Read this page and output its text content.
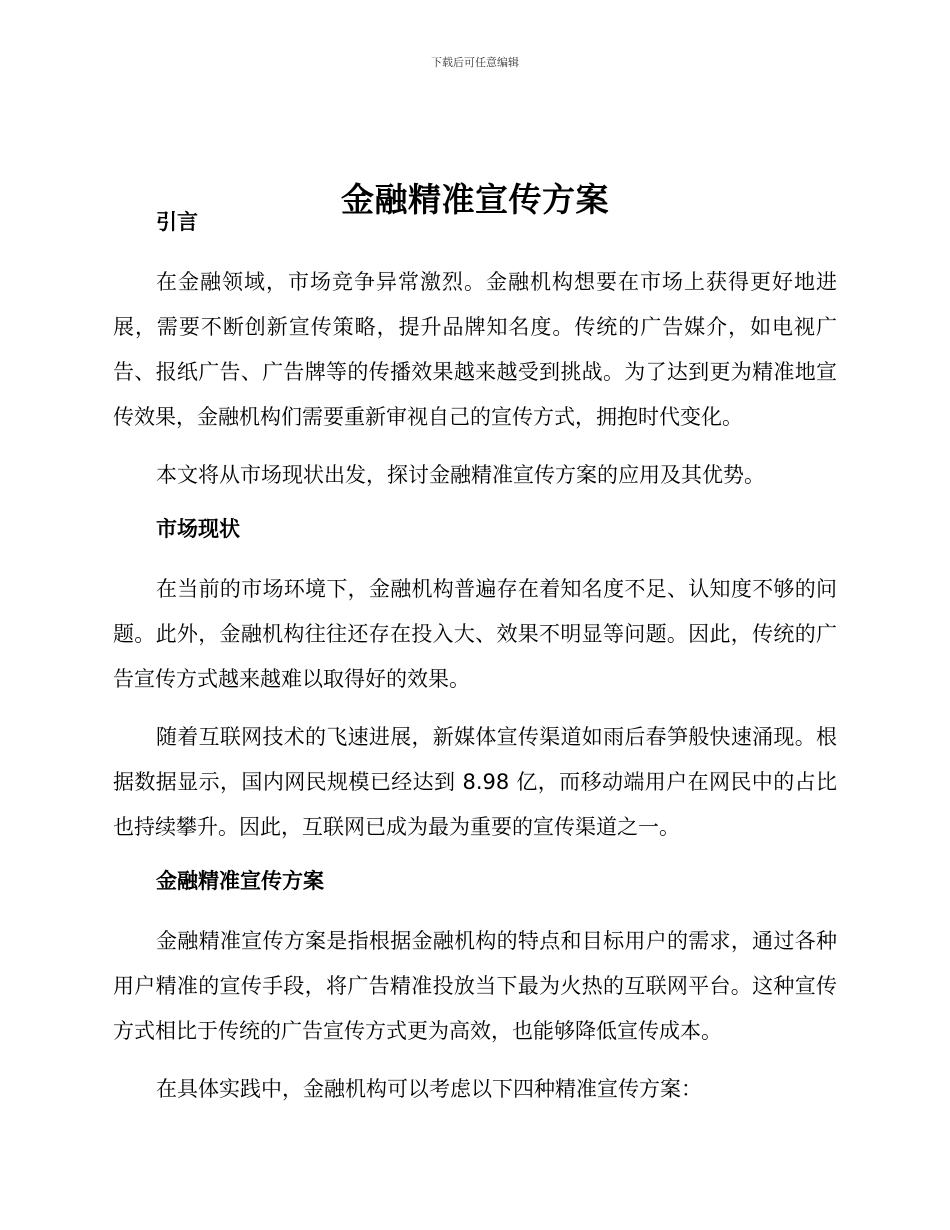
下载后可任意编辑
金融精准宣传方案
引言

在金融领域，市场竞争异常激烈。金融机构想要在市场上获得更好地进展，需要不断创新宣传策略，提升品牌知名度。传统的广告媒介，如电视广告、报纸广告、广告牌等的传播效果越来越受到挑战。为了达到更为精准地宣传效果，金融机构们需要重新审视自己的宣传方式，拥抱时代变化。

本文将从市场现状出发，探讨金融精准宣传方案的应用及其优势。

市场现状

在当前的市场环境下，金融机构普遍存在着知名度不足、认知度不够的问题。此外，金融机构往往还存在投入大、效果不明显等问题。因此，传统的广告宣传方式越来越难以取得好的效果。

随着互联网技术的飞速进展，新媒体宣传渠道如雨后春笋般快速涌现。根据数据显示，国内网民规模已经达到 8.98 亿，而移动端用户在网民中的占比也持续攀升。因此，互联网已成为最为重要的宣传渠道之一。

金融精准宣传方案

金融精准宣传方案是指根据金融机构的特点和目标用户的需求，通过各种用户精准的宣传手段，将广告精准投放当下最为火热的互联网平台。这种宣传方式相比于传统的广告宣传方式更为高效，也能够降低宣传成本。

在具体实践中，金融机构可以考虑以下四种精准宣传方案：
